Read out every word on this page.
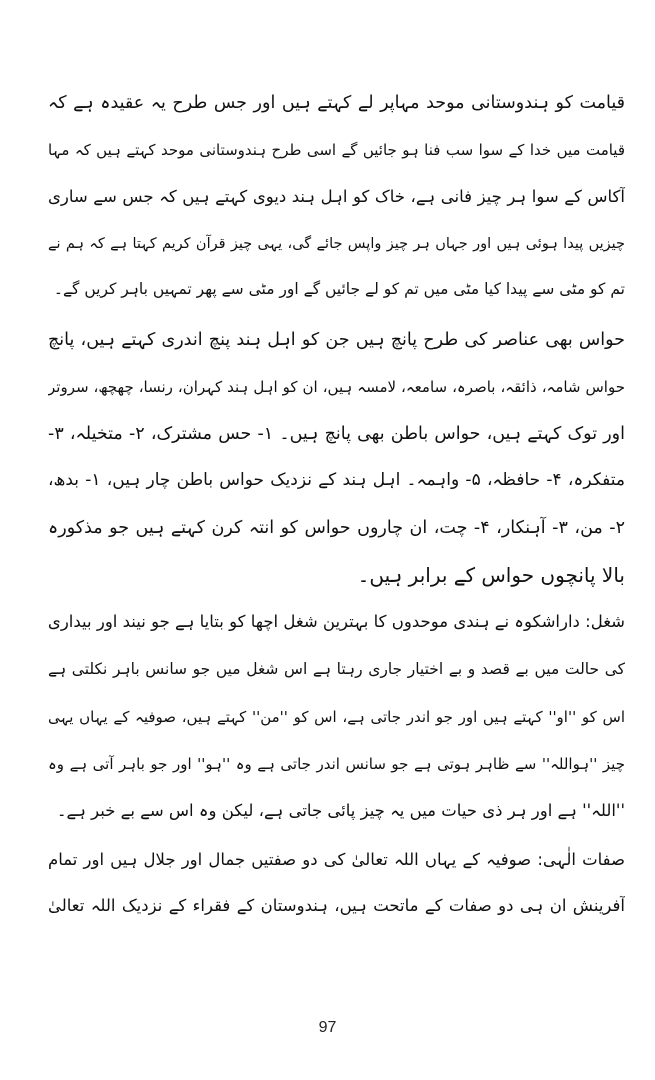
قیامت کو ہندوستانی موحد مہاپر لے کہتے ہیں اور جس طرح یہ عقیدہ ہے کہ
قیامت میں خدا کے سوا سب فنا ہو جائیں گے اسی طرح ہندوستانی موحد کہتے ہیں کہ مہا
آکاس کے سوا ہر چیز فانی ہے، خاک کو اہل ہند دیوی کہتے ہیں کہ جس سے ساری
چیزیں پیدا ہوئی ہیں اور جہاں ہر چیز واپس جائے گی، یہی چیز قرآن کریم کہتا ہے کہ ہم نے
تم کو مٹی سے پیدا کیا مٹی میں تم کو لے جائیں گے اور مٹی سے پھر تمہیں باہر کریں گے۔
حواس بھی عناصر کی طرح پانچ ہیں جن کو اہل ہند پنچ اندری کہتے ہیں، پانچ
حواس شامہ، ذائقہ، باصرہ، سامعہ، لامسہ ہیں، ان کو اہل ہند کہران، رنسا، چھچھ، سروتر
اور توک کہتے ہیں، حواس باطن بھی پانچ ہیں۔ ۱- حس مشترک، ۲- متخیلہ، ۳-
متفکرہ، ۴- حافظہ، ۵- واہمہ۔ اہل ہند کے نزدیک حواس باطن چار ہیں، ۱- بدھ،
۲- من، ۳- آہنکار، ۴- چت، ان چاروں حواس کو انتہ کرن کہتے ہیں جو مذکورہ
بالا پانچوں حواس کے برابر ہیں۔
شغل: داراشکوہ نے ہندی موحدوں کا بہترین شغل اچھا کو بتایا ہے جو نیند اور بیداری
کی حالت میں بے قصد و بے اختیار جاری رہتا ہے اس شغل میں جو سانس باہر نکلتی ہے
اس کو ''او'' کہتے ہیں اور جو اندر جاتی ہے، اس کو ''من'' کہتے ہیں، صوفیہ کے یہاں یہی
چیز ''ہواللہ'' سے ظاہر ہوتی ہے جو سانس اندر جاتی ہے وہ ''ہو'' اور جو باہر آتی ہے وہ
''اللہ'' ہے اور ہر ذی حیات میں یہ چیز پائی جاتی ہے، لیکن وہ اس سے بے خبر ہے۔
صفات الٰہی: صوفیہ کے یہاں اللہ تعالیٰ کی دو صفتیں جمال اور جلال ہیں اور تمام
آفرینش ان ہی دو صفات کے ماتحت ہیں، ہندوستان کے فقراء کے نزدیک اللہ تعالیٰ
97
